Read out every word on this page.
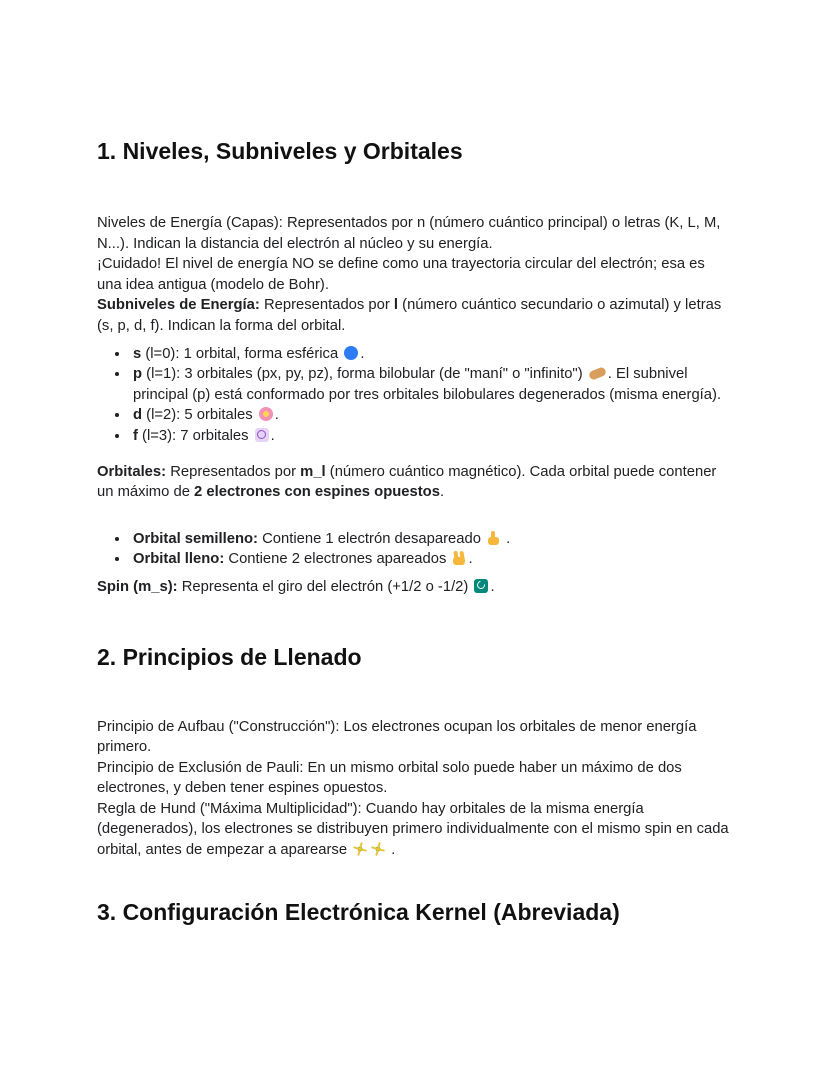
1. Niveles, Subniveles y Orbitales

Niveles de Energía (Capas): Representados por n (número cuántico principal) o letras (K, L, M, N...). Indican la distancia del electrón al núcleo y su energía.

¡Cuidado! El nivel de energía NO se define como una trayectoria circular del electrón; esa es una idea antigua (modelo de Bohr).

Subniveles de Energía: Representados por l (número cuántico secundario o azimutal) y letras (s, p, d, f). Indican la forma del orbital.

• s (l=0): 1 orbital, forma esférica .
• p (l=1): 3 orbitales (px, py, pz), forma bilobular (de "maní" o "infinito") . El subnivel principal (p) está conformado por tres orbitales bilobulares degenerados (misma energía).
• d (l=2): 5 orbitales .
• f (l=3): 7 orbitales .

Orbitales: Representados por m_l (número cuántico magnético). Cada orbital puede contener un máximo de 2 electrones con espines opuestos.

• Orbital semilleno: Contiene 1 electrón desapareado  .
• Orbital lleno: Contiene 2 electrones apareados .

Spin (m_s): Representa el giro del electrón (+1/2 o -1/2) .

2. Principios de Llenado

Principio de Aufbau ("Construcción"): Los electrones ocupan los orbitales de menor energía primero.

Principio de Exclusión de Pauli: En un mismo orbital solo puede haber un máximo de dos electrones, y deben tener espines opuestos.

Regla de Hund ("Máxima Multiplicidad"): Cuando hay orbitales de la misma energía (degenerados), los electrones se distribuyen primero individualmente con el mismo spin en cada orbital, antes de empezar a aparearse  .

3. Configuración Electrónica Kernel (Abreviada)
